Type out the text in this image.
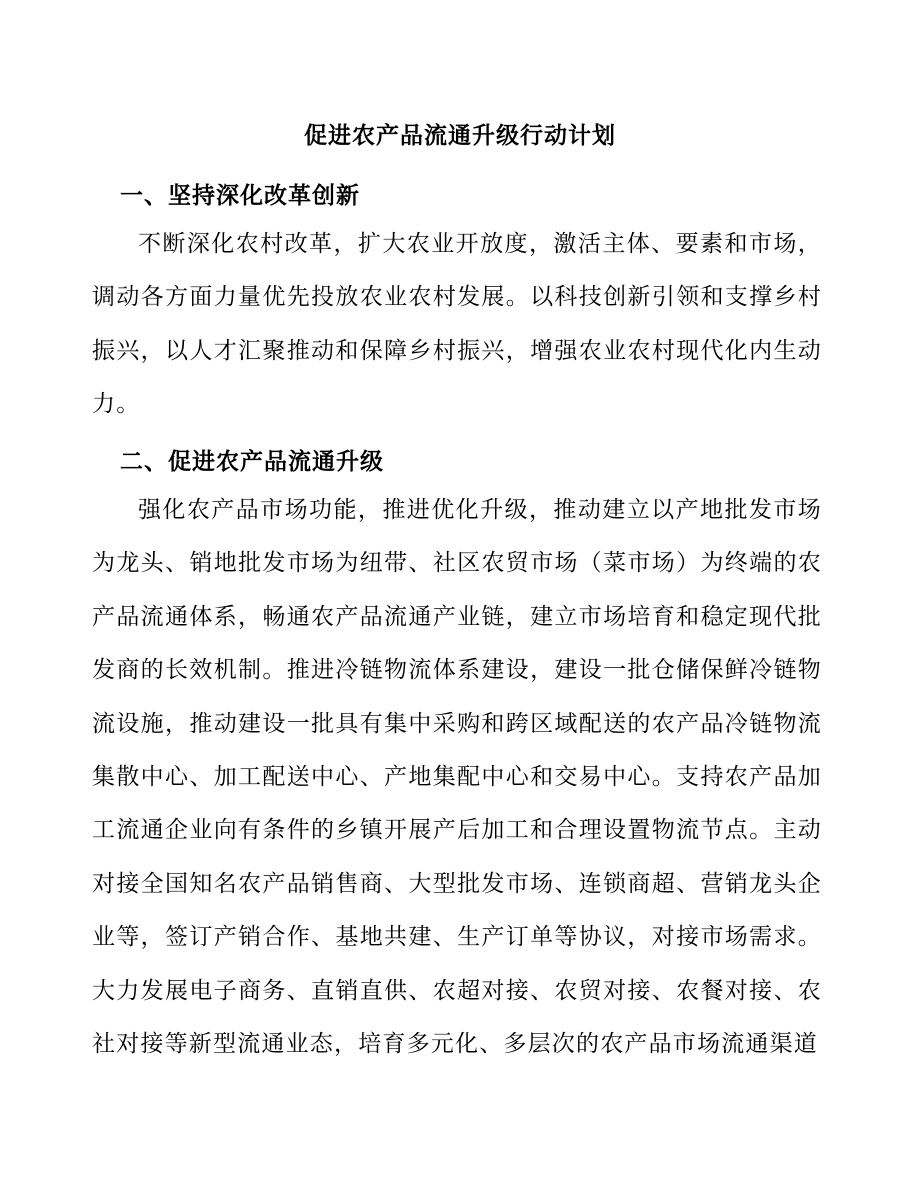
促进农产品流通升级行动计划
一、坚持深化改革创新

不断深化农村改革，扩大农业开放度，激活主体、要素和市场，调动各方面力量优先投放农业农村发展。以科技创新引领和支撑乡村振兴，以人才汇聚推动和保障乡村振兴，增强农业农村现代化内生动力。

二、促进农产品流通升级

强化农产品市场功能，推进优化升级，推动建立以产地批发市场为龙头、销地批发市场为纽带、社区农贸市场（菜市场）为终端的农产品流通体系，畅通农产品流通产业链，建立市场培育和稳定现代批发商的长效机制。推进冷链物流体系建设，建设一批仓储保鲜冷链物流设施，推动建设一批具有集中采购和跨区域配送的农产品冷链物流集散中心、加工配送中心、产地集配中心和交易中心。支持农产品加工流通企业向有条件的乡镇开展产后加工和合理设置物流节点。主动对接全国知名农产品销售商、大型批发市场、连锁商超、营销龙头企业等，签订产销合作、基地共建、生产订单等协议，对接市场需求。大力发展电子商务、直销直供、农超对接、农贸对接、农餐对接、农社对接等新型流通业态，培育多元化、多层次的农产品市场流通渠道
